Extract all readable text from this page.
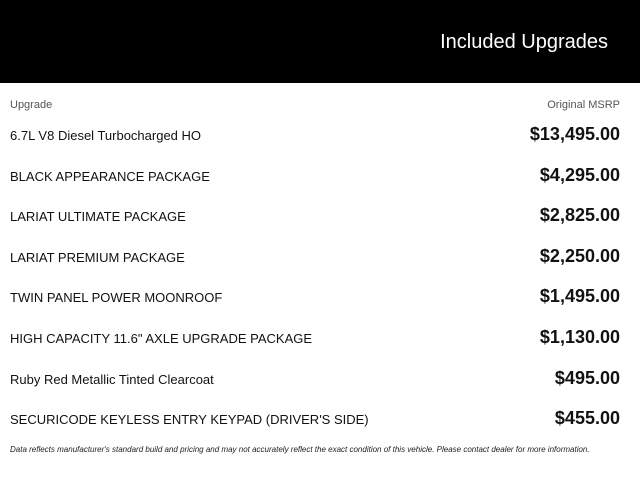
Included Upgrades
Upgrade	Original MSRP
6.7L V8 Diesel Turbocharged HO	$13,495.00
BLACK APPEARANCE PACKAGE	$4,295.00
LARIAT ULTIMATE PACKAGE	$2,825.00
LARIAT PREMIUM PACKAGE	$2,250.00
TWIN PANEL POWER MOONROOF	$1,495.00
HIGH CAPACITY 11.6" AXLE UPGRADE PACKAGE	$1,130.00
Ruby Red Metallic Tinted Clearcoat	$495.00
SECURICODE KEYLESS ENTRY KEYPAD (DRIVER'S SIDE)	$455.00
Data reflects manufacturer's standard build and pricing and may not accurately reflect the exact condition of this vehicle. Please contact dealer for more information.
